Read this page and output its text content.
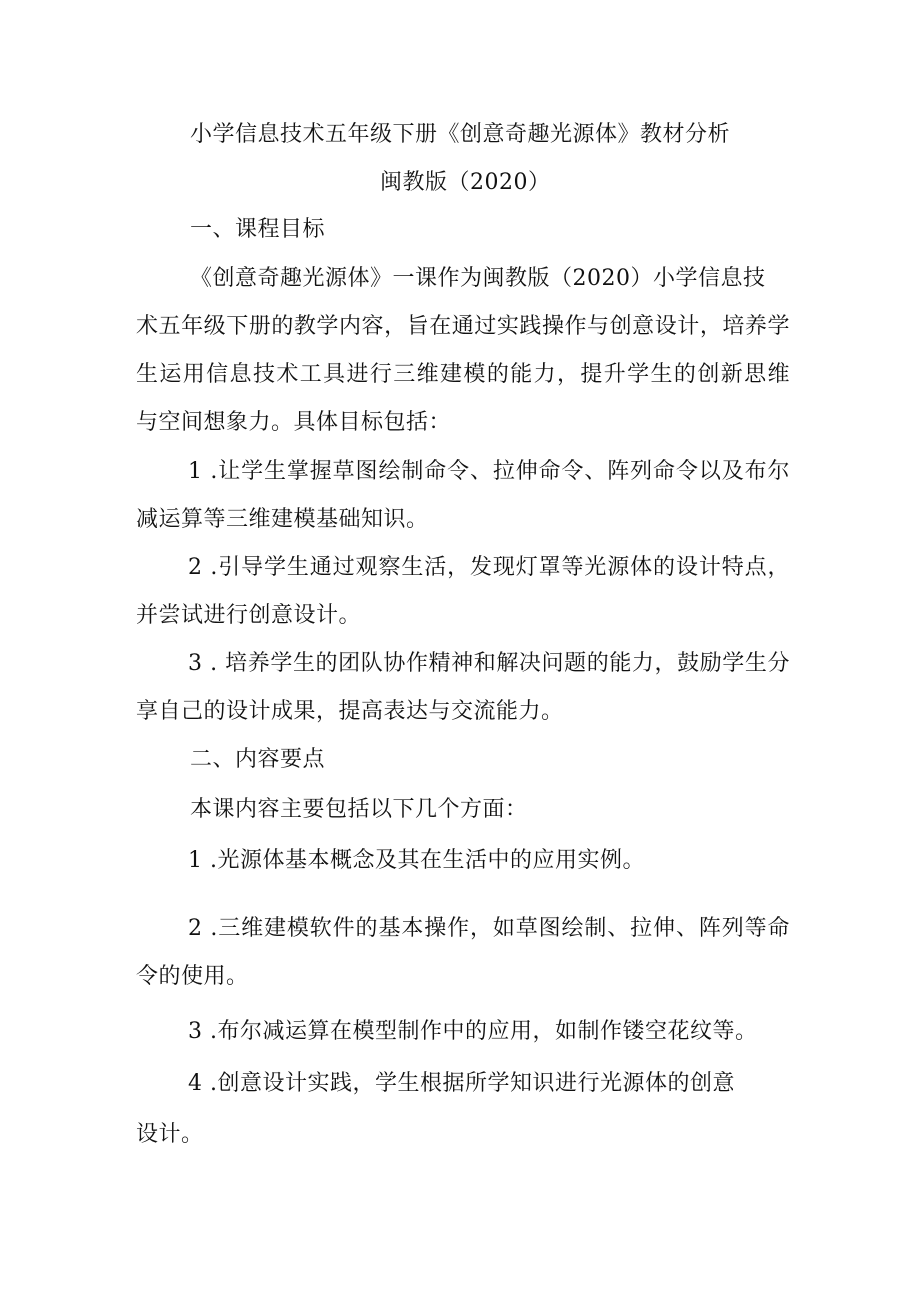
小学信息技术五年级下册《创意奇趣光源体》教材分析
闽教版（2020）
一、课程目标
《创意奇趣光源体》一课作为闽教版（2020）小学信息技
术五年级下册的教学内容，旨在通过实践操作与创意设计，培养学
生运用信息技术工具进行三维建模的能力，提升学生的创新思维
与空间想象力。具体目标包括：
1 .让学生掌握草图绘制命令、拉伸命令、阵列命令以及布尔
减运算等三维建模基础知识。
2 .引导学生通过观察生活，发现灯罩等光源体的设计特点，
并尝试进行创意设计。
3 . 培养学生的团队协作精神和解决问题的能力，鼓励学生分
享自己的设计成果，提高表达与交流能力。
二、内容要点
本课内容主要包括以下几个方面：
1 .光源体基本概念及其在生活中的应用实例。
2 .三维建模软件的基本操作，如草图绘制、拉伸、阵列等命
令的使用。
3 .布尔减运算在模型制作中的应用，如制作镂空花纹等。
4 .创意设计实践，学生根据所学知识进行光源体的创意
设计。
